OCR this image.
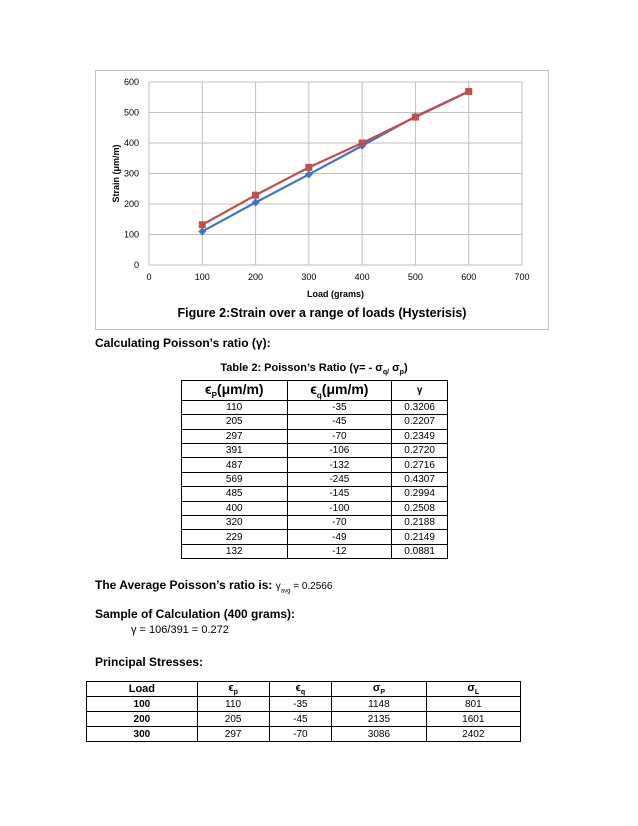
0
100
200
300
400
500
600
0	100	200	300	400	500	600	700
Load (grams)
Strain (μm/m)
Figure 2:Strain over a range of loads (Hysterisis)
Calculating Poisson’s ratio (γ):
Table 2: Poisson’s Ratio ($\gamma= - \sigma_{q/}$ $\sigma_p$)
$\epsilon_P(\mu m/m)$	$\epsilon_q(\mu m/m)$	γ
110	-35	0.3206
205	-45	0.2207
297	-70	0.2349
391	-106	0.2720
487	-132	0.2716
569	-245	0.4307
485	-145	0.2994
400	-100	0.2508
320	-70	0.2188
229	-49	0.2149
132	-12	0.0881
The Average Poisson’s ratio is: $\gamma_{avg} = 0.2566$
Sample of Calculation (400 grams):
γ = 106/391 = 0.272
Principal Stresses:
Load	$\epsilon_p$	$\epsilon_q$	$\sigma_P$	$\sigma_L$
100	110	-35	1148	801
200	205	-45	2135	1601
300	297	-70	3086	2402
